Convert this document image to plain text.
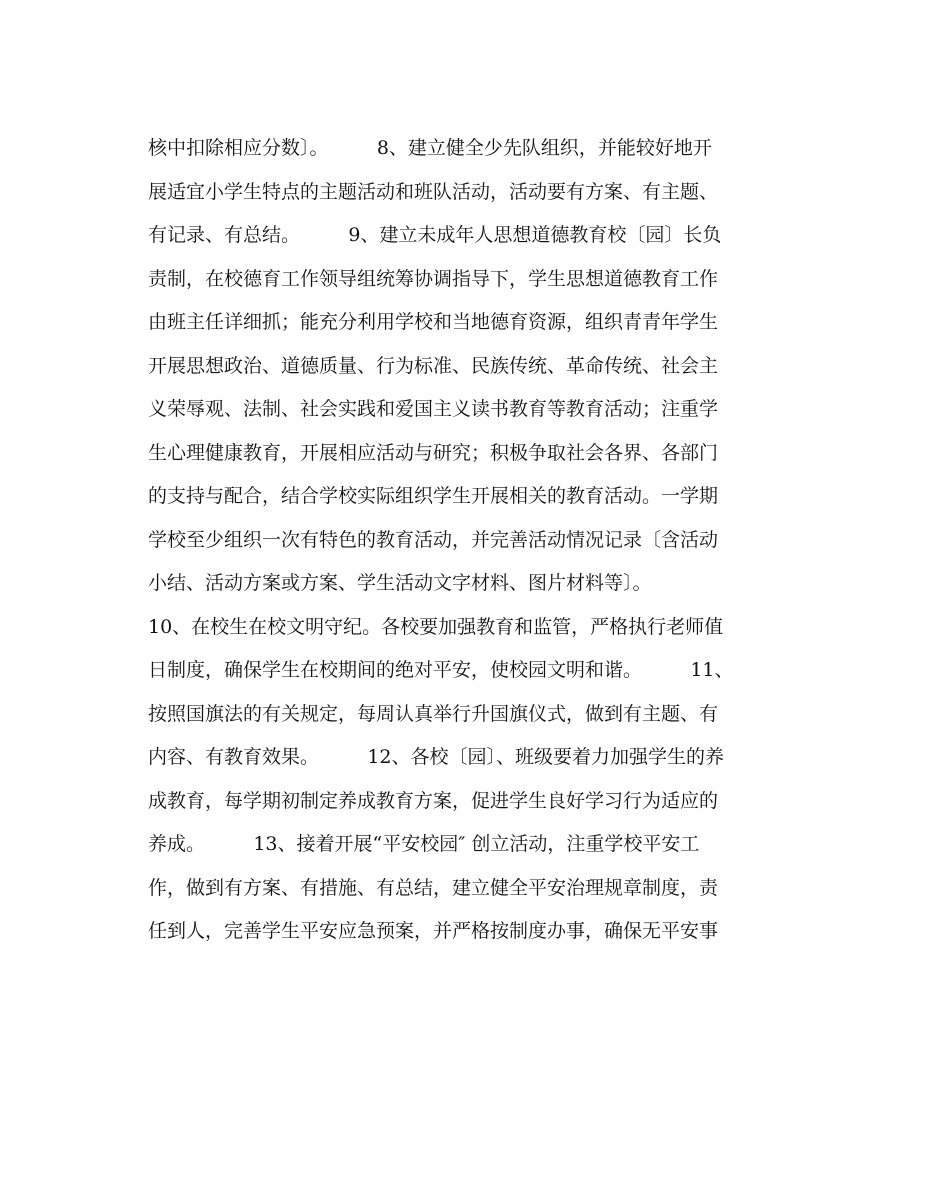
核中扣除相应分数〕。        8、建立健全少先队组织，并能较好地开
展适宜小学生特点的主题活动和班队活动，活动要有方案、有主题、
有记录、有总结。        9、建立未成年人思想道德教育校〔园〕长负
责制，在校德育工作领导组统筹协调指导下，学生思想道德教育工作
由班主任详细抓；能充分利用学校和当地德育资源，组织青青年学生
开展思想政治、道德质量、行为标准、民族传统、革命传统、社会主
义荣辱观、法制、社会实践和爱国主义读书教育等教育活动；注重学
生心理健康教育，开展相应活动与研究；积极争取社会各界、各部门
的支持与配合，结合学校实际组织学生开展相关的教育活动。一学期
学校至少组织一次有特色的教育活动，并完善活动情况记录〔含活动
小结、活动方案或方案、学生活动文字材料、图片材料等〕。
10、在校生在校文明守纪。各校要加强教育和监管，严格执行老师值
日制度，确保学生在校期间的绝对平安，使校园文明和谐。        11、
按照国旗法的有关规定，每周认真举行升国旗仪式，做到有主题、有
内容、有教育效果。        12、各校〔园〕、班级要着力加强学生的养
成教育，每学期初制定养成教育方案，促进学生良好学习行为适应的
养成。        13、接着开展“平安校园″ 创立活动，注重学校平安工
作，做到有方案、有措施、有总结，建立健全平安治理规章制度，责
任到人，完善学生平安应急预案，并严格按制度办事，确保无平安事
